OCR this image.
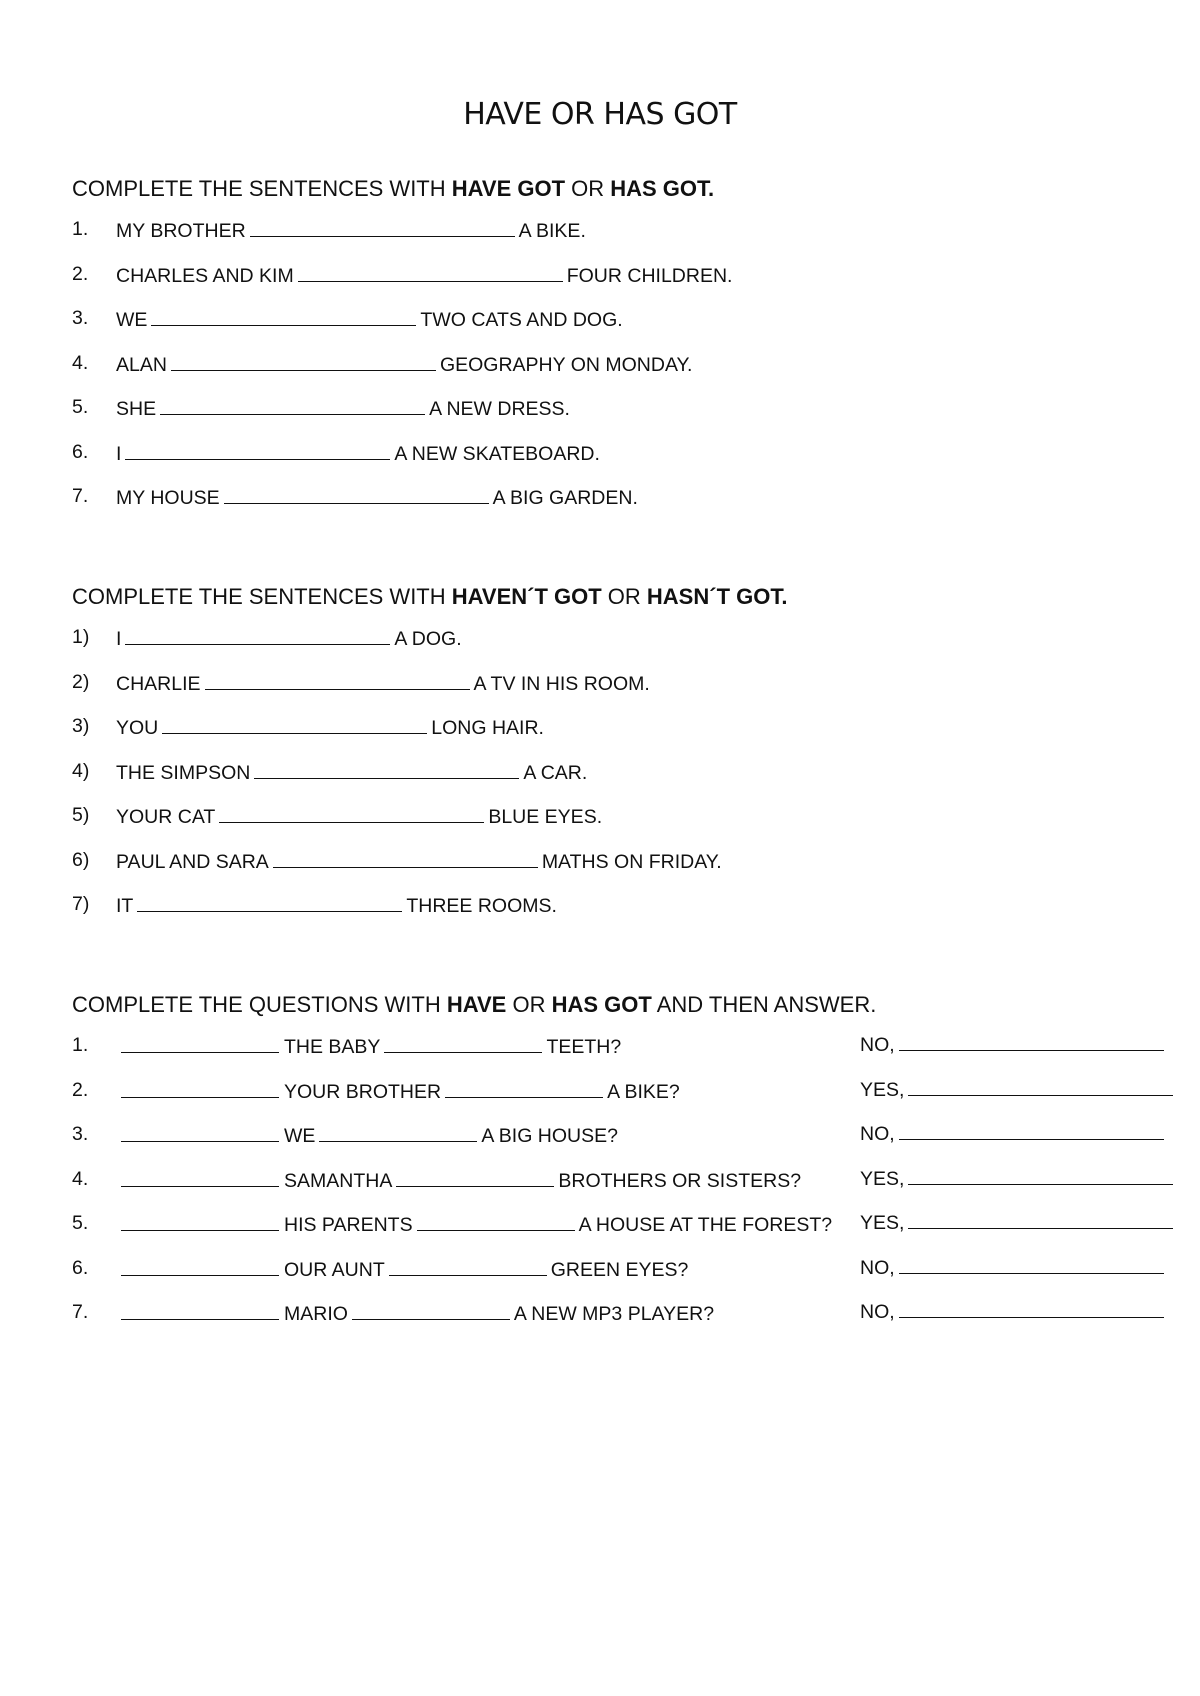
HAVE OR HAS GOT
COMPLETE THE SENTENCES WITH HAVE GOT OR HAS GOT.
1. MY BROTHER	A BIKE.
2. CHARLES AND KIM	FOUR CHILDREN.
3. WE	TWO CATS AND DOG.
4. ALAN	GEOGRAPHY ON MONDAY.
5. SHE	A NEW DRESS.
6. I	A NEW SKATEBOARD.
7. MY HOUSE	A BIG GARDEN.
COMPLETE THE SENTENCES WITH HAVEN´T GOT OR HASN´T GOT.
1) I	A DOG.
2) CHARLIE	A TV IN HIS ROOM.
3) YOU	LONG HAIR.
4) THE SIMPSON	A CAR.
5) YOUR CAT	BLUE EYES.
6) PAUL AND SARA	MATHS ON FRIDAY.
7) IT	THREE ROOMS.
COMPLETE THE QUESTIONS WITH HAVE OR HAS GOT AND THEN ANSWER.
1.	THE BABY	TEETH?	NO,
2.	YOUR BROTHER	A BIKE?	YES,
3.	WE	A BIG HOUSE?	NO,
4.	SAMANTHA	BROTHERS OR SISTERS?	YES,
5.	HIS PARENTS	A HOUSE AT THE FOREST? YES,
6.	OUR AUNT	GREEN EYES?	NO,
7.	MARIO	A NEW MP3 PLAYER?	NO,
